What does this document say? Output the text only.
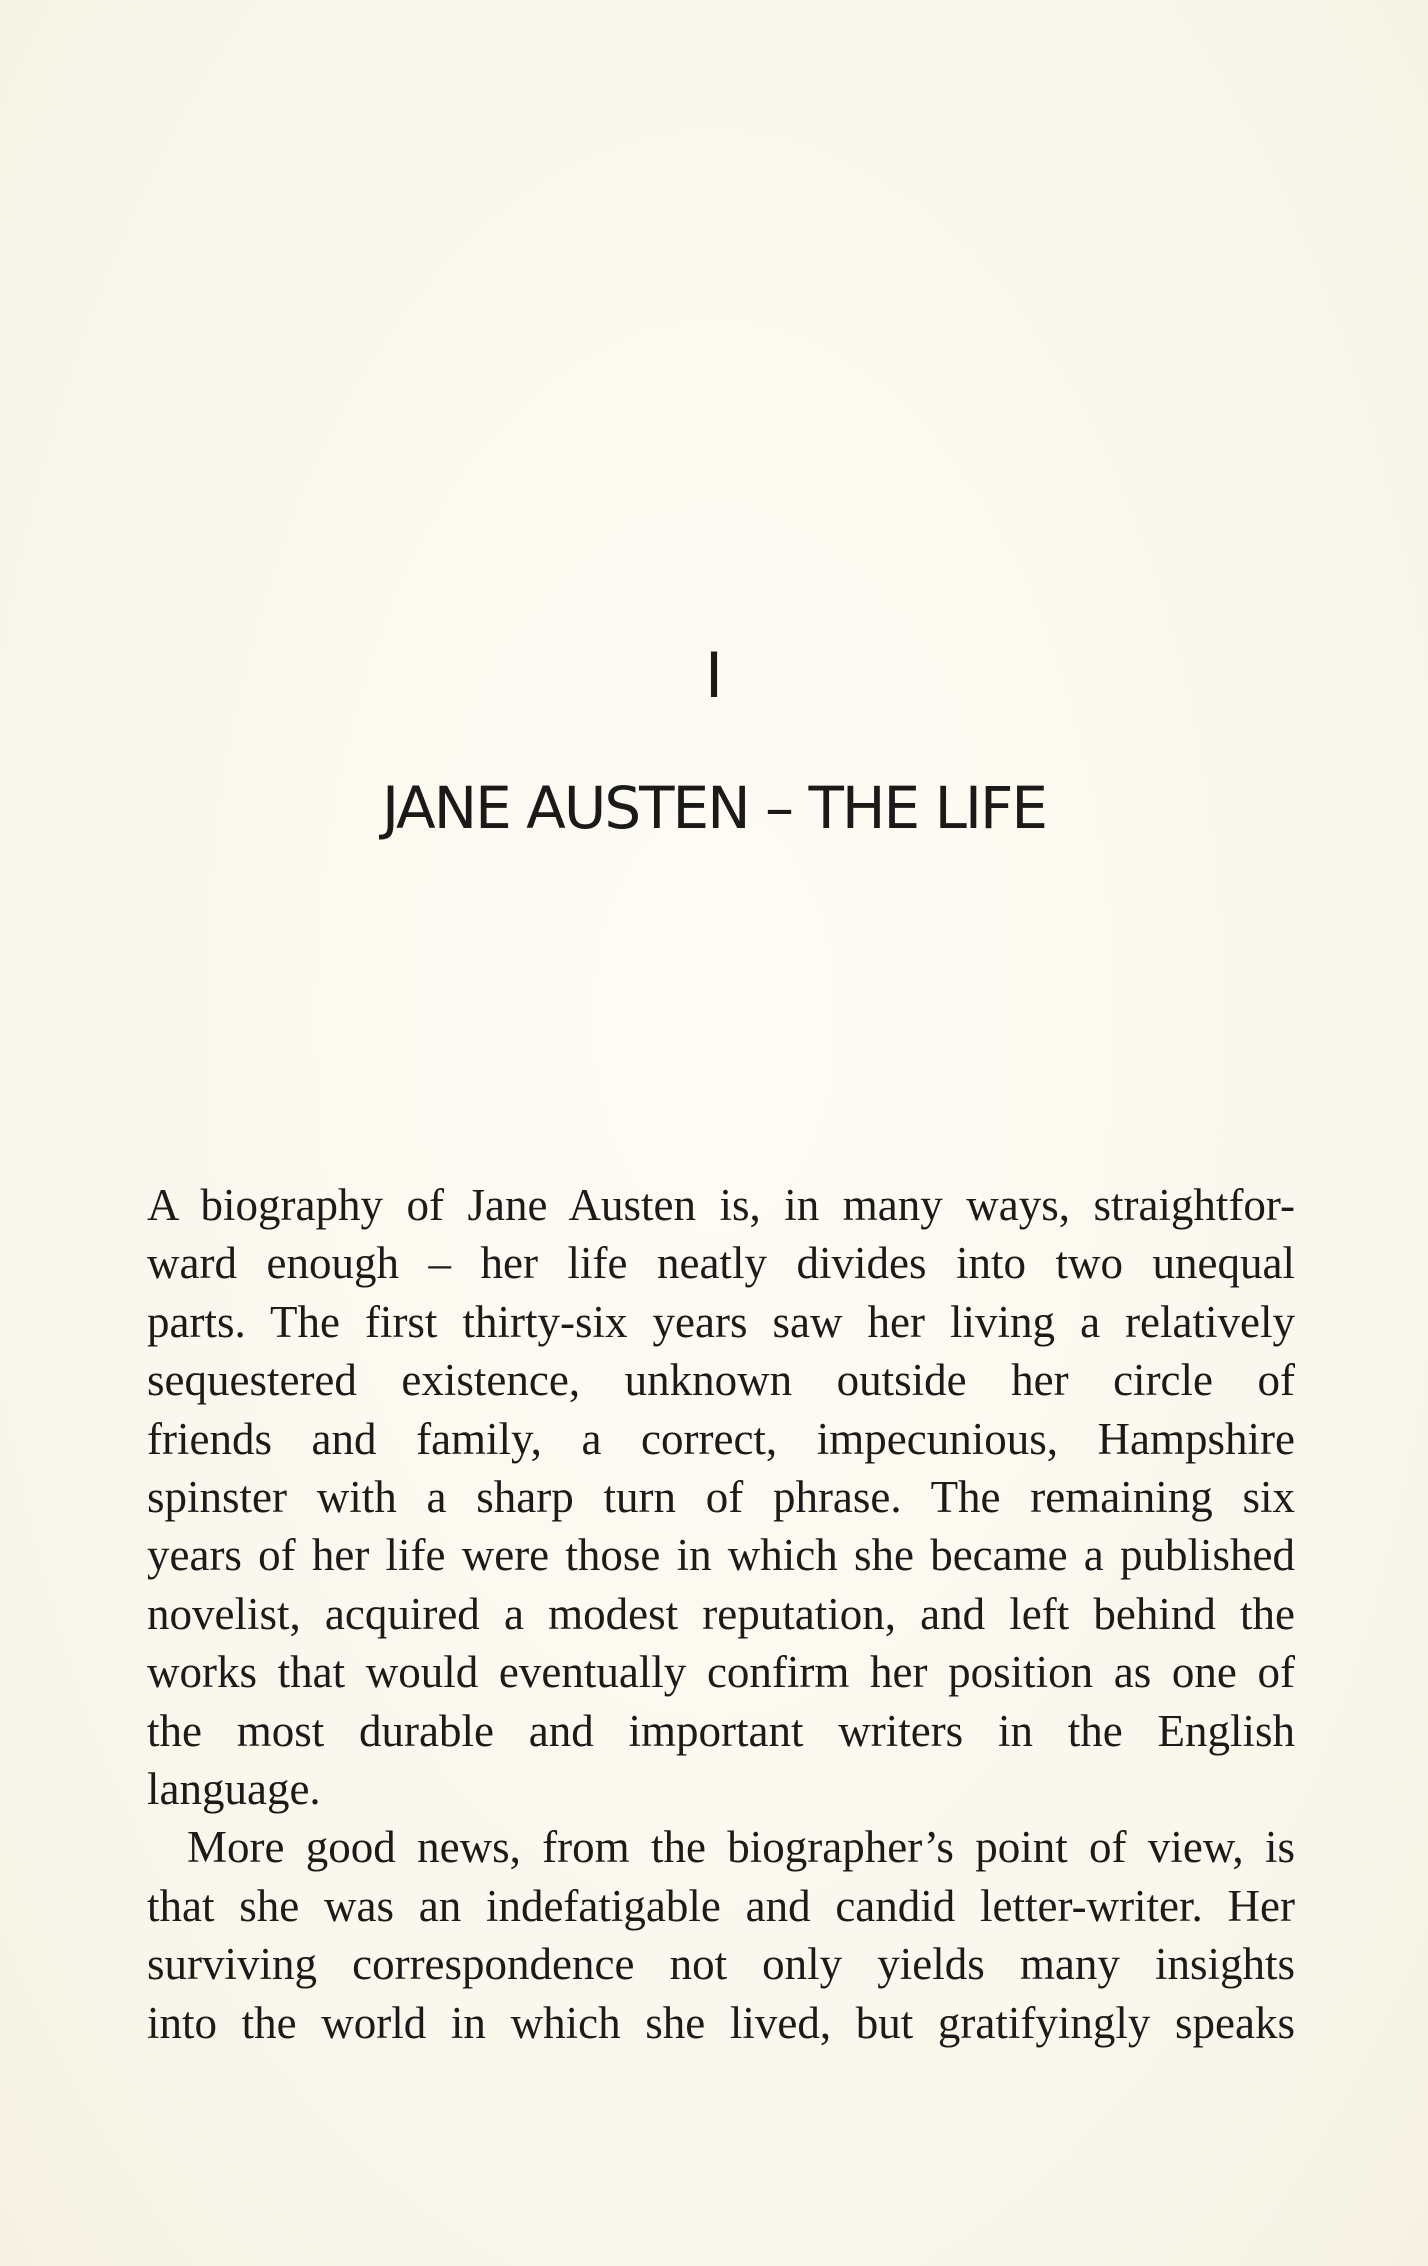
I
JANE AUSTEN – THE LIFE
A biography of Jane Austen is, in many ways, straightfor-
ward enough – her life neatly divides into two unequal
parts. The first thirty-six years saw her living a relatively
sequestered existence, unknown outside her circle of
friends and family, a correct, impecunious, Hampshire
spinster with a sharp turn of phrase. The remaining six
years of her life were those in which she became a published
novelist, acquired a modest reputation, and left behind the
works that would eventually confirm her position as one of
the most durable and important writers in the English
language.
More good news, from the biographer’s point of view, is
that she was an indefatigable and candid letter-writer. Her
surviving correspondence not only yields many insights
into the world in which she lived, but gratifyingly speaks
